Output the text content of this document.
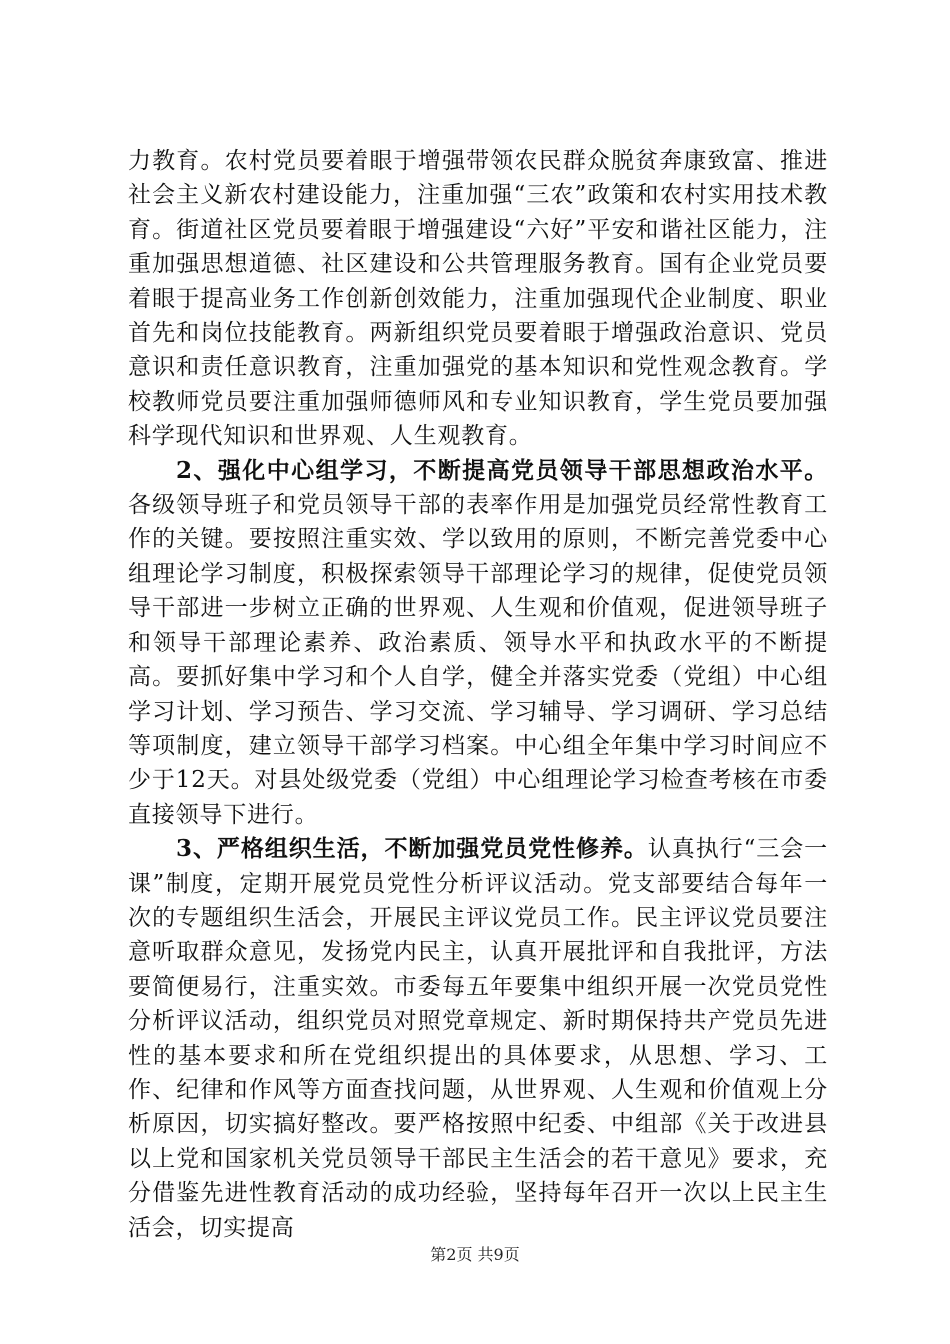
力教育。农村党员要着眼于增强带领农民群众脱贫奔康致富、推进社会主义新农村建设能力，注重加强“三农”政策和农村实用技术教育。街道社区党员要着眼于增强建设“六好”平安和谐社区能力，注重加强思想道德、社区建设和公共管理服务教育。国有企业党员要着眼于提高业务工作创新创效能力，注重加强现代企业制度、职业首先和岗位技能教育。两新组织党员要着眼于增强政治意识、党员意识和责任意识教育，注重加强党的基本知识和党性观念教育。学校教师党员要注重加强师德师风和专业知识教育，学生党员要加强科学现代知识和世界观、人生观教育。

2、强化中心组学习，不断提高党员领导干部思想政治水平。各级领导班子和党员领导干部的表率作用是加强党员经常性教育工作的关键。要按照注重实效、学以致用的原则，不断完善党委中心组理论学习制度，积极探索领导干部理论学习的规律，促使党员领导干部进一步树立正确的世界观、人生观和价值观，促进领导班子和领导干部理论素养、政治素质、领导水平和执政水平的不断提高。要抓好集中学习和个人自学，健全并落实党委（党组）中心组学习计划、学习预告、学习交流、学习辅导、学习调研、学习总结等项制度，建立领导干部学习档案。中心组全年集中学习时间应不少于12天。对县处级党委（党组）中心组理论学习检查考核在市委直接领导下进行。

3、严格组织生活，不断加强党员党性修养。认真执行“三会一课”制度，定期开展党员党性分析评议活动。党支部要结合每年一次的专题组织生活会，开展民主评议党员工作。民主评议党员要注意听取群众意见，发扬党内民主，认真开展批评和自我批评，方法要简便易行，注重实效。市委每五年要集中组织开展一次党员党性分析评议活动，组织党员对照党章规定、新时期保持共产党员先进性的基本要求和所在党组织提出的具体要求，从思想、学习、工作、纪律和作风等方面查找问题，从世界观、人生观和价值观上分析原因，切实搞好整改。要严格按照中纪委、中组部《关于改进县以上党和国家机关党员领导干部民主生活会的若干意见》要求，充分借鉴先进性教育活动的成功经验，坚持每年召开一次以上民主生活会，切实提高

第2页 共9页
